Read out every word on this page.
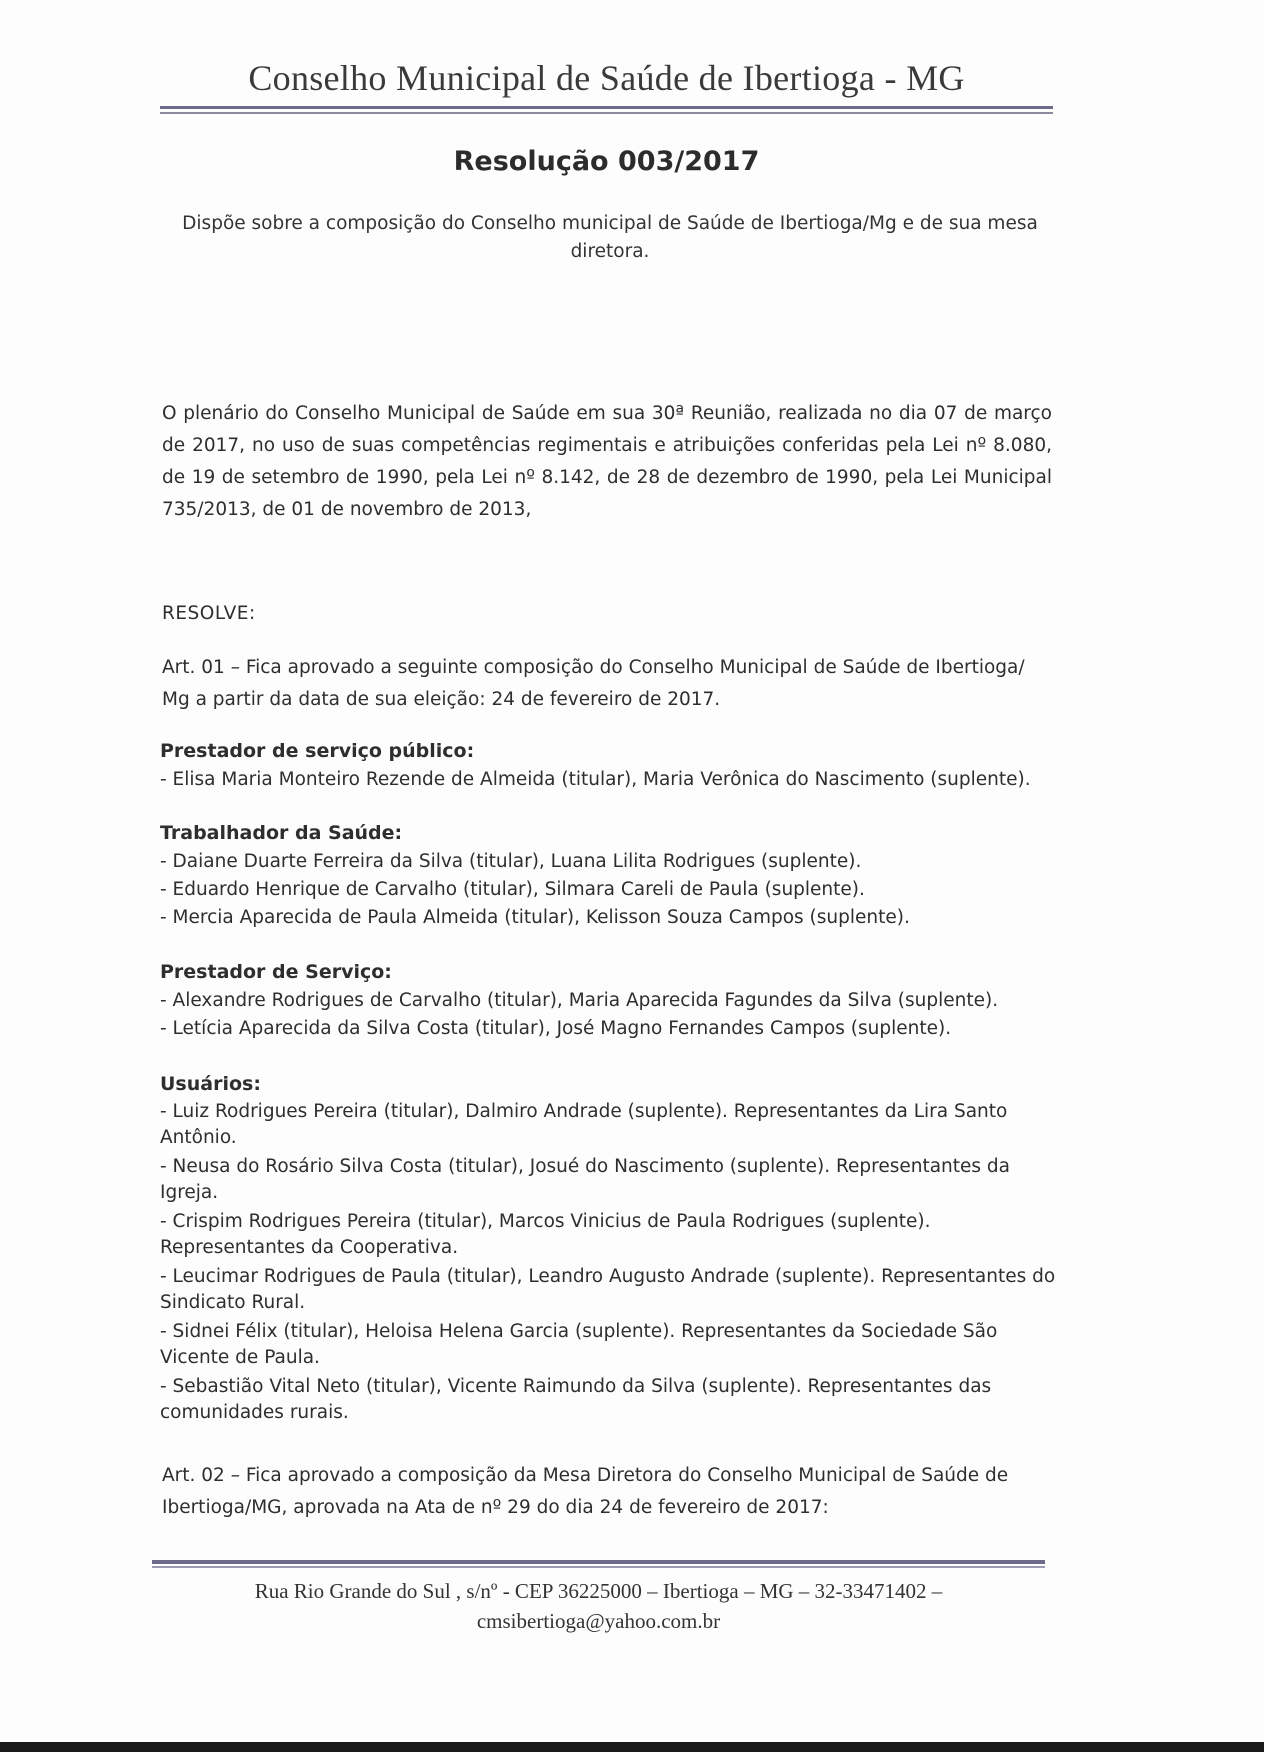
Conselho Municipal de Saúde de Ibertioga - MG
Resolução 003/2017
Dispõe sobre a composição do Conselho municipal de Saúde de Ibertioga/Mg e de sua mesa diretora.
O plenário do Conselho Municipal de Saúde em sua 30ª Reunião, realizada no dia 07 de março de 2017, no uso de suas competências regimentais e atribuições conferidas pela Lei nº 8.080, de 19 de setembro de 1990, pela Lei nº 8.142, de 28 de dezembro de 1990, pela Lei Municipal 735/2013, de 01 de novembro de 2013,
RESOLVE:
Art. 01 – Fica aprovado a seguinte composição do Conselho Municipal de Saúde de Ibertioga/ Mg a partir da data de sua eleição: 24 de fevereiro de 2017.
Prestador de serviço público:
- Elisa Maria Monteiro Rezende de Almeida (titular), Maria Verônica do Nascimento (suplente).
Trabalhador da Saúde:
- Daiane Duarte Ferreira da Silva (titular), Luana Lilita Rodrigues (suplente).
- Eduardo Henrique de Carvalho (titular), Silmara Careli de Paula (suplente).
- Mercia Aparecida de Paula Almeida (titular), Kelisson Souza Campos (suplente).
Prestador de Serviço:
- Alexandre Rodrigues de Carvalho (titular), Maria Aparecida Fagundes da Silva (suplente).
- Letícia Aparecida da Silva Costa (titular), José Magno Fernandes Campos (suplente).
Usuários:
- Luiz Rodrigues Pereira (titular), Dalmiro Andrade (suplente). Representantes da Lira Santo Antônio.
- Neusa do Rosário Silva Costa (titular), Josué do Nascimento (suplente). Representantes da Igreja.
- Crispim Rodrigues Pereira (titular), Marcos Vinicius de Paula Rodrigues (suplente). Representantes da Cooperativa.
- Leucimar Rodrigues de Paula (titular), Leandro Augusto Andrade (suplente). Representantes do Sindicato Rural.
- Sidnei Félix (titular), Heloisa Helena Garcia (suplente). Representantes da Sociedade São Vicente de Paula.
- Sebastião Vital Neto (titular), Vicente Raimundo da Silva (suplente). Representantes das comunidades rurais.
Art. 02 – Fica aprovado a composição da Mesa Diretora do Conselho Municipal de Saúde de Ibertioga/MG, aprovada na Ata de nº 29 do dia 24 de fevereiro de 2017:
Rua Rio Grande do Sul , s/nº - CEP 36225000 – Ibertioga – MG – 32-33471402 –
cmsibertioga@yahoo.com.br
